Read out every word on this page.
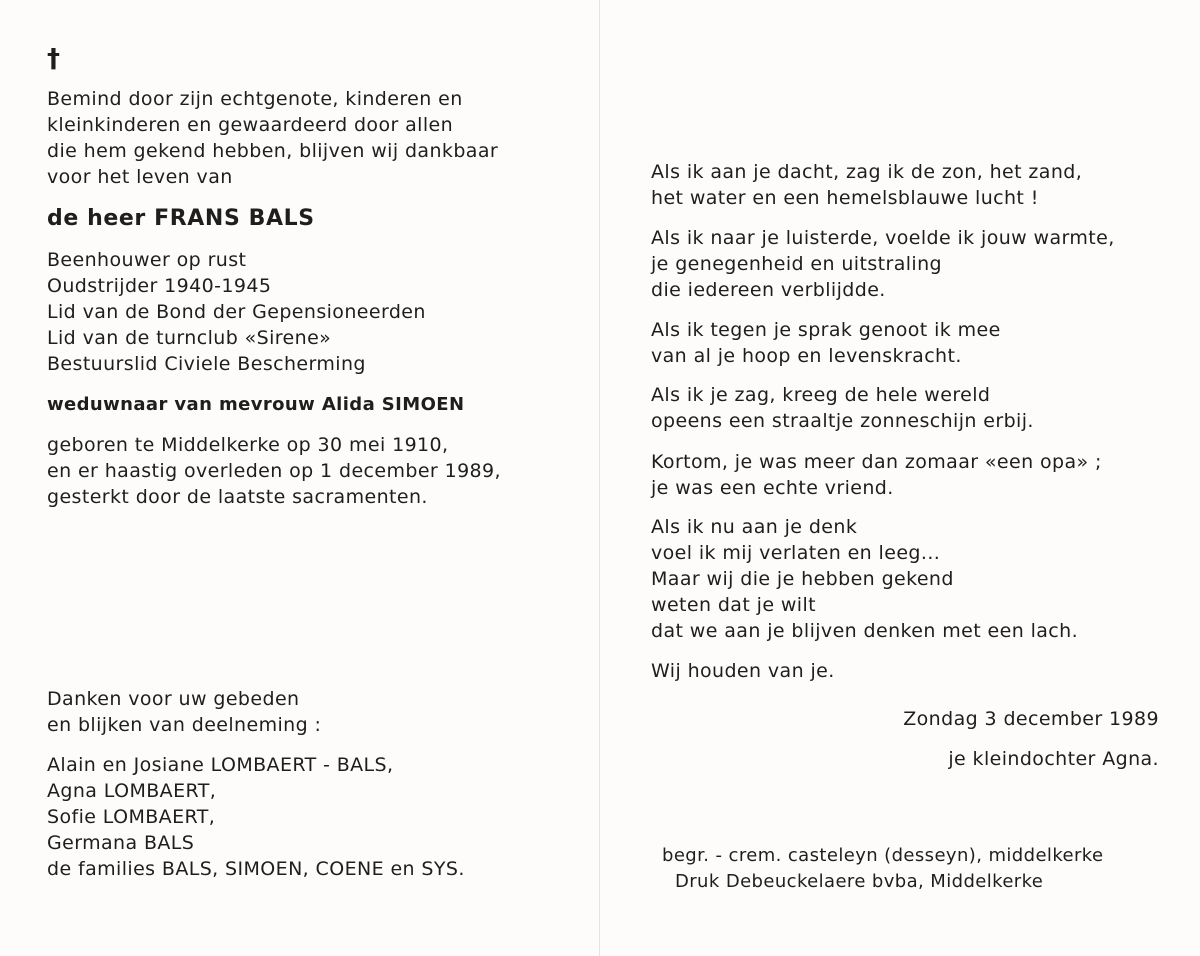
†
Bemind door zijn echtgenote, kinderen en
kleinkinderen en gewaardeerd door allen
die hem gekend hebben, blijven wij dankbaar
voor het leven van
de heer FRANS BALS
Beenhouwer op rust
Oudstrijder 1940-1945
Lid van de Bond der Gepensioneerden
Lid van de turnclub «Sirene»
Bestuurslid Civiele Bescherming
weduwnaar van mevrouw Alida SIMOEN
geboren te Middelkerke op 30 mei 1910,
en er haastig overleden op 1 december 1989,
gesterkt door de laatste sacramenten.
Danken voor uw gebeden
en blijken van deelneming :
Alain en Josiane LOMBAERT - BALS,
Agna LOMBAERT,
Sofie LOMBAERT,
Germana BALS
de families BALS, SIMOEN, COENE en SYS.
Als ik aan je dacht, zag ik de zon, het zand,
het water en een hemelsblauwe lucht !
Als ik naar je luisterde, voelde ik jouw warmte,
je genegenheid en uitstraling
die iedereen verblijdde.
Als ik tegen je sprak genoot ik mee
van al je hoop en levenskracht.
Als ik je zag, kreeg de hele wereld
opeens een straaltje zonneschijn erbij.
Kortom, je was meer dan zomaar «een opa» ;
je was een echte vriend.
Als ik nu aan je denk
voel ik mij verlaten en leeg...
Maar wij die je hebben gekend
weten dat je wilt
dat we aan je blijven denken met een lach.
Wij houden van je.
Zondag 3 december 1989
je kleindochter Agna.
begr. - crem. casteleyn (desseyn), middelkerke
Druk Debeuckelaere bvba, Middelkerke
